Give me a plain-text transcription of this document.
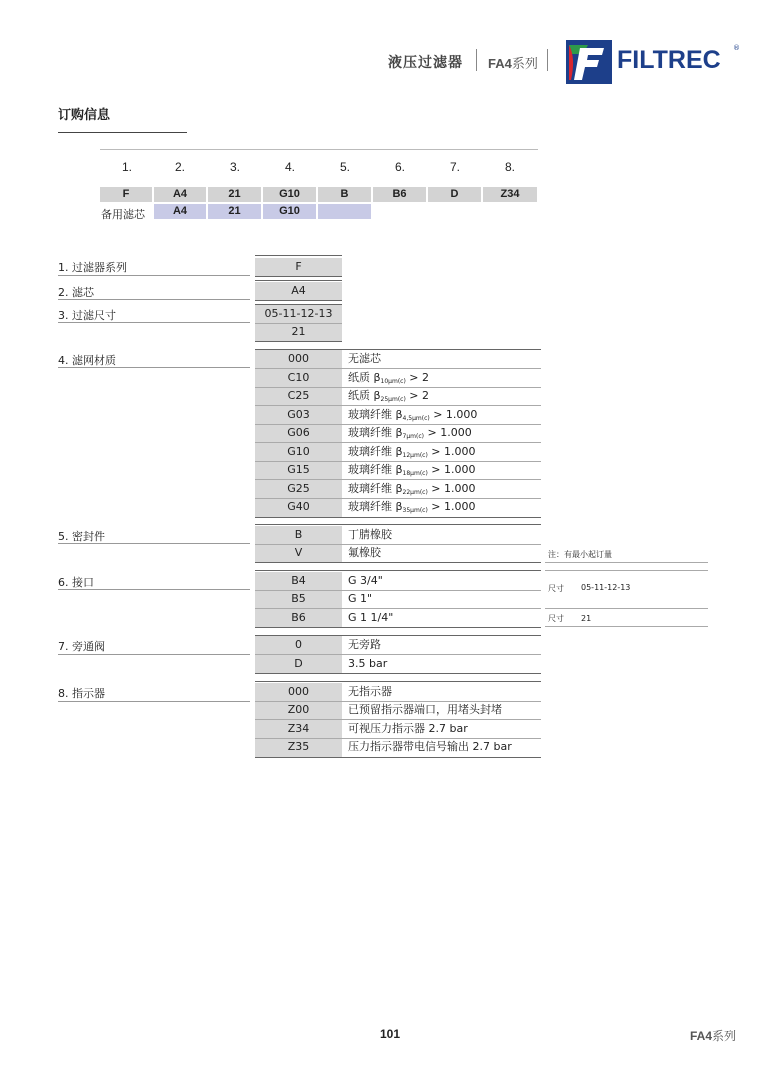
液压过滤器 FA4系列	FILTREC ®
订购信息
1.	2.	3.	4.	5.	6.	7.	8.
F	A4	21	G10	B	B6	D	Z34
备用滤芯	A4	21	G10
1. 过滤器系列	F
2. 滤芯	A4
3. 过滤尺寸	05-11-12-13
21
4. 滤网材质	000	无滤芯
C10	纸质 $\beta_{10\mu m(c)} > 2$
C25	纸质 $\beta_{25\mu m(c)} > 2$
G03	玻璃纤维 $\beta_{4,5\mu m(c)} > 1.000$
G06	玻璃纤维 $\beta_{7\mu m(c)} > 1.000$
G10	玻璃纤维 $\beta_{12\mu m(c)} > 1.000$
G15	玻璃纤维 $\beta_{18\mu m(c)} > 1.000$
G25	玻璃纤维 $\beta_{22\mu m(c)} > 1.000$
G40	玻璃纤维 $\beta_{35\mu m(c)} > 1.000$
5. 密封件	B	丁腈橡胶
V	氟橡胶	注：有最小起订量
尺寸 05-11-12-13
尺寸 21
6. 接口	B4	G 3/4"
B5	G 1"
B6	G 1 1/4"
7. 旁通阀	0	无旁路
D	3.5 bar
8. 指示器	000	无指示器
Z00	已预留指示器端口，用堵头封堵
Z34	可视压力指示器 2.7 bar
Z35	压力指示器带电信号输出 2.7 bar
101	FA4系列
